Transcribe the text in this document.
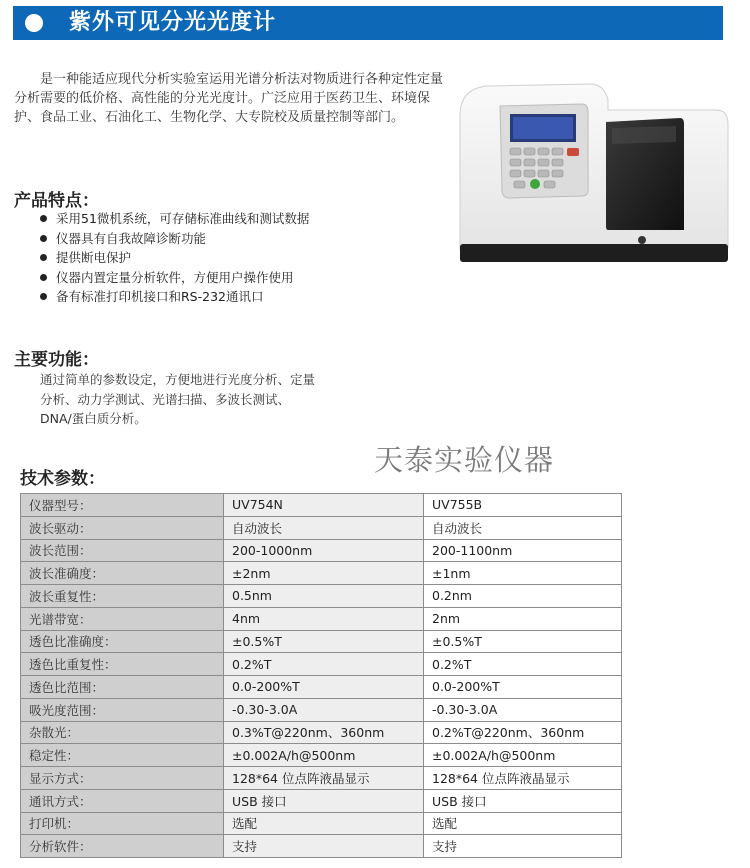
紫外可见分光光度计
是一种能适应现代分析实验室运用光谱分析法对物质进行各种定性定量分析需要的低价格、高性能的分光光度计。广泛应用于医药卫生、环境保护、食品工业、石油化工、生物化学、大专院校及质量控制等部门。
产品特点：
采用51微机系统，可存储标准曲线和测试数据
仪器具有自我故障诊断功能
提供断电保护
仪器内置定量分析软件，方便用户操作使用
备有标准打印机接口和RS-232通讯口
主要功能：
通过简单的参数设定，方便地进行光度分析、定量分析、动力学测试、光谱扫描、多波长测试、DNA/蛋白质分析。
天泰实验仪器
技术参数：
仪器型号：	UV754N	UV755B
波长驱动：	自动波长	自动波长
波长范围：	200-1000nm	200-1100nm
波长准确度：	±2nm	±1nm
波长重复性：	0.5nm	0.2nm
光谱带宽：	4nm	2nm
透色比准确度：	±0.5%T	±0.5%T
透色比重复性：	0.2%T	0.2%T
透色比范围：	0.0-200%T	0.0-200%T
吸光度范围：	-0.30-3.0A	-0.30-3.0A
杂散光：	0.3%T@220nm、360nm	0.2%T@220nm、360nm
稳定性：	±0.002A/h@500nm	±0.002A/h@500nm
显示方式：	128*64 位点阵液晶显示	128*64 位点阵液晶显示
通讯方式：	USB 接口	USB 接口
打印机：	选配	选配
分析软件：	支持	支持
